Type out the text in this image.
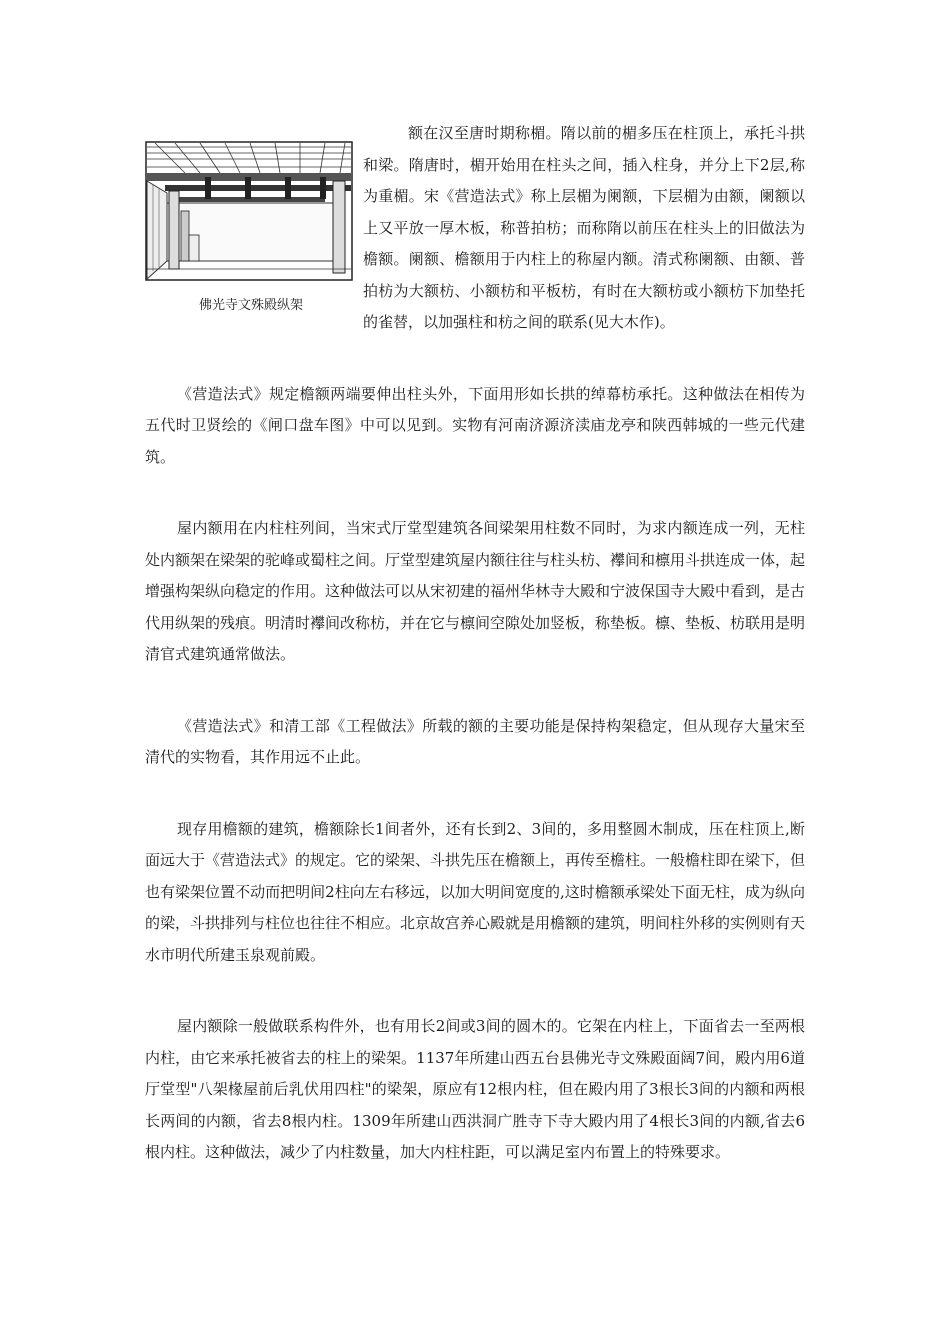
佛光寺文殊殿纵架

额在汉至唐时期称楣。隋以前的楣多压在柱顶上，承托斗拱和梁。隋唐时，楣开始用在柱头之间，插入柱身，并分上下2层,称为重楣。宋《营造法式》称上层楣为阑额，下层楣为由额，阑额以上又平放一厚木板，称普拍枋；而称隋以前压在柱头上的旧做法为檐额。阑额、檐额用于内柱上的称屋内额。清式称阑额、由额、普拍枋为大额枋、小额枋和平板枋，有时在大额枋或小额枋下加垫托的雀替，以加强柱和枋之间的联系(见大木作)。

《营造法式》规定檐额两端要伸出柱头外，下面用形如长拱的绰幕枋承托。这种做法在相传为五代时卫贤绘的《闸口盘车图》中可以见到。实物有河南济源济渎庙龙亭和陕西韩城的一些元代建筑。

屋内额用在内柱柱列间，当宋式厅堂型建筑各间梁架用柱数不同时，为求内额连成一列，无柱处内额架在梁架的驼峰或蜀柱之间。厅堂型建筑屋内额往往与柱头枋、襻间和檩用斗拱连成一体，起增强构架纵向稳定的作用。这种做法可以从宋初建的福州华林寺大殿和宁波保国寺大殿中看到，是古代用纵架的残痕。明清时襻间改称枋，并在它与檩间空隙处加竖板，称垫板。檩、垫板、枋联用是明清官式建筑通常做法。

《营造法式》和清工部《工程做法》所载的额的主要功能是保持构架稳定，但从现存大量宋至清代的实物看，其作用远不止此。

现存用檐额的建筑，檐额除长1间者外，还有长到2、3间的，多用整圆木制成，压在柱顶上,断面远大于《营造法式》的规定。它的梁架、斗拱先压在檐额上，再传至檐柱。一般檐柱即在梁下，但也有梁架位置不动而把明间2柱向左右移远，以加大明间宽度的,这时檐额承梁处下面无柱，成为纵向的梁，斗拱排列与柱位也往往不相应。北京故宫养心殿就是用檐额的建筑，明间柱外移的实例则有天水市明代所建玉泉观前殿。

屋内额除一般做联系构件外，也有用长2间或3间的圆木的。它架在内柱上，下面省去一至两根内柱，由它来承托被省去的柱上的梁架。1137年所建山西五台县佛光寺文殊殿面阔7间，殿内用6道厅堂型"八架椽屋前后乳伏用四柱"的梁架，原应有12根内柱，但在殿内用了3根长3间的内额和两根长两间的内额，省去8根内柱。1309年所建山西洪洞广胜寺下寺大殿内用了4根长3间的内额,省去6根内柱。这种做法，减少了内柱数量，加大内柱柱距，可以满足室内布置上的特殊要求。
